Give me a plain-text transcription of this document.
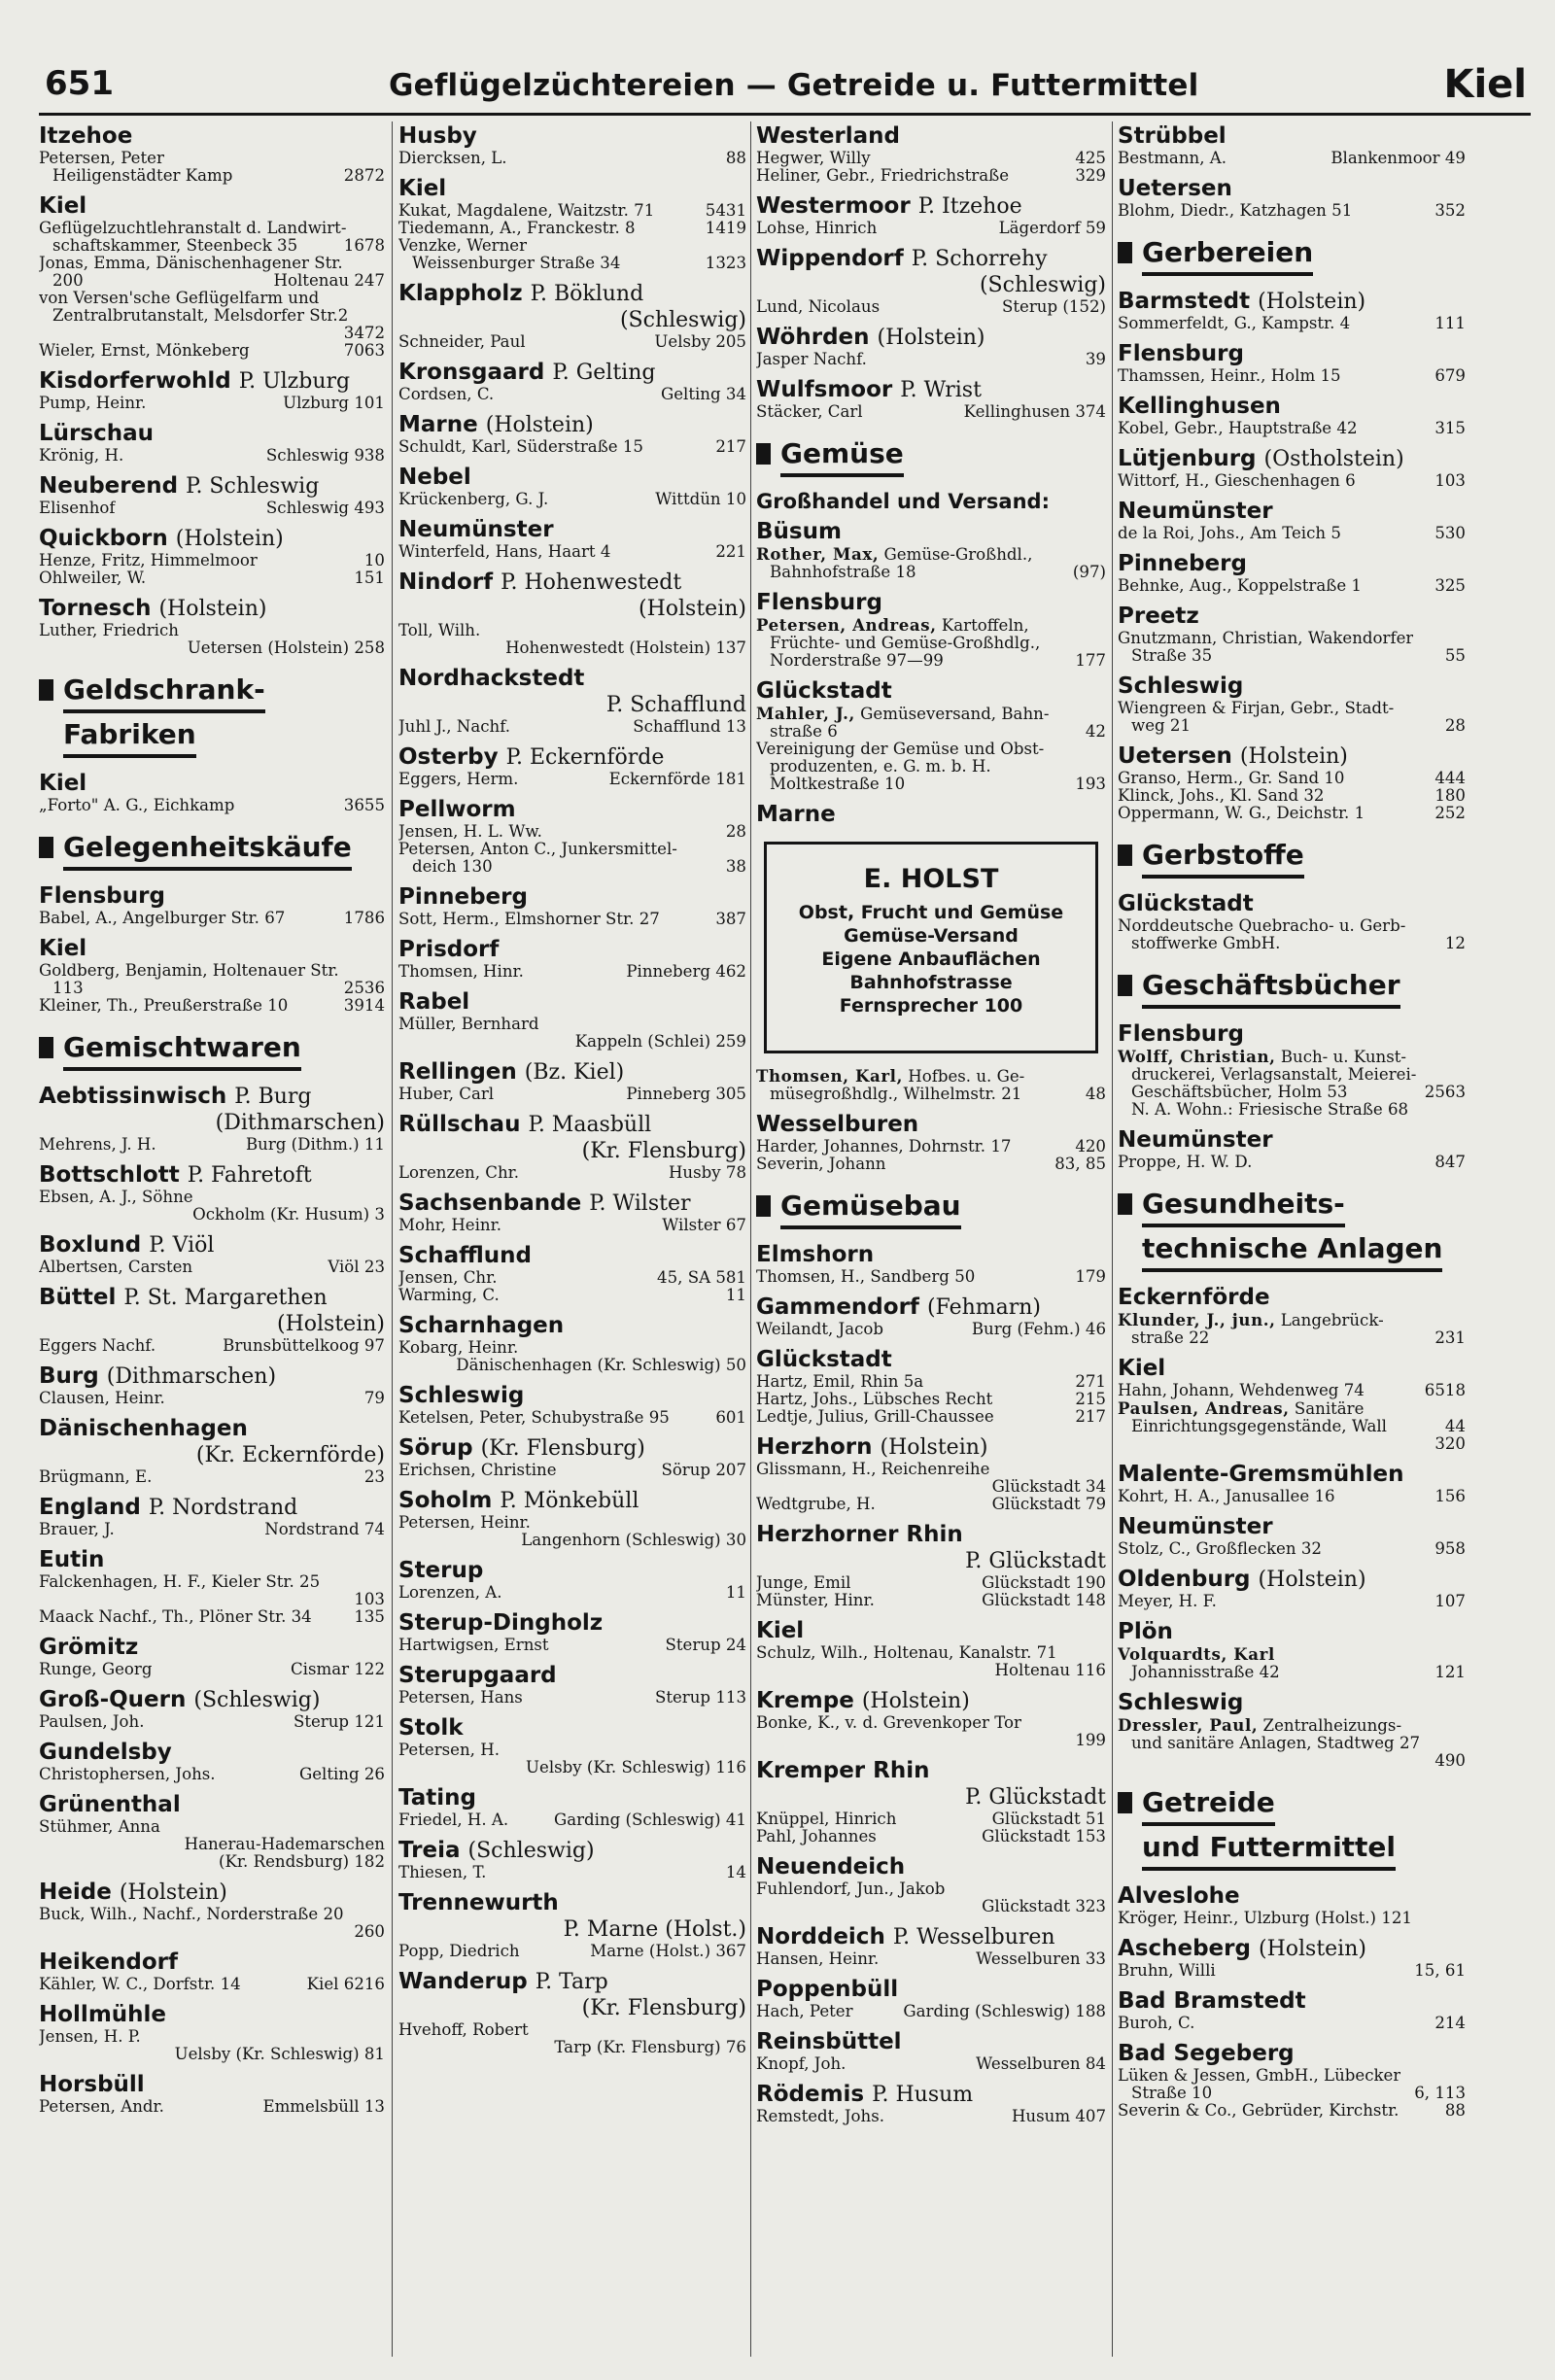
651	Geflügelzüchtereien — Getreide u. Futtermittel	Kiel
Itzehoe
Petersen, Peter
Heiligenstädter Kamp	2872
Kiel
Geflügelzuchtlehranstalt d. Landwirt-
schaftskammer, Steenbeck 35	1678
Jonas, Emma, Dänischenhagener Str.
200	Holtenau 247
von Versen'sche Geflügelfarm und
Zentralbrutanstalt, Melsdorfer Str.2
3472
Wieler, Ernst, Mönkeberg	7063
Kisdorferwohld P. Ulzburg
Pump, Heinr.	Ulzburg 101
Lürschau
Krönig, H.	Schleswig 938
Neuberend P. Schleswig
Elisenhof	Schleswig 493
Quickborn (Holstein)
Henze, Fritz, Himmelmoor	10
Ohlweiler, W.	151
Tornesch (Holstein)
Luther, Friedrich
Uetersen (Holstein) 258
Geldschrank-
Fabriken
Kiel
„Forto" A. G., Eichkamp	3655
Gelegenheitskäufe
Flensburg
Babel, A., Angelburger Str. 67	1786
Kiel
Goldberg, Benjamin, Holtenauer Str.
113	2536
Kleiner, Th., Preußerstraße 10	3914
Gemischtwaren
Aebtissinwisch P. Burg
(Dithmarschen)
Mehrens, J. H.	Burg (Dithm.) 11
Bottschlott P. Fahretoft
Ebsen, A. J., Söhne
Ockholm (Kr. Husum) 3
Boxlund P. Viöl
Albertsen, Carsten	Viöl 23
Büttel P. St. Margarethen
(Holstein)
Eggers Nachf.	Brunsbüttelkoog 97
Burg (Dithmarschen)
Clausen, Heinr.	79
Dänischenhagen
(Kr. Eckernförde)
Brügmann, E.	23
England P. Nordstrand
Brauer, J.	Nordstrand 74
Eutin
Falckenhagen, H. F., Kieler Str. 25
103
Maack Nachf., Th., Plöner Str. 34	135
Grömitz
Runge, Georg	Cismar 122
Groß-Quern (Schleswig)
Paulsen, Joh.	Sterup 121
Gundelsby
Christophersen, Johs.	Gelting 26
Grünenthal
Stühmer, Anna
Hanerau-Hademarschen
(Kr. Rendsburg) 182
Heide (Holstein)
Buck, Wilh., Nachf., Norderstraße 20
260
Heikendorf
Kähler, W. C., Dorfstr. 14	Kiel 6216
Hollmühle
Jensen, H. P.
Uelsby (Kr. Schleswig) 81
Horsbüll
Petersen, Andr.	Emmelsbüll 13
Husby
Diercksen, L.	88
Kiel
Kukat, Magdalene, Waitzstr. 71	5431
Tiedemann, A., Franckestr. 8	1419
Venzke, Werner
Weissenburger Straße 34	1323
Klappholz P. Böklund
(Schleswig)
Schneider, Paul	Uelsby 205
Kronsgaard P. Gelting
Cordsen, C.	Gelting 34
Marne (Holstein)
Schuldt, Karl, Süderstraße 15	217
Nebel
Krückenberg, G. J.	Wittdün 10
Neumünster
Winterfeld, Hans, Haart 4	221
Nindorf P. Hohenwestedt
(Holstein)
Toll, Wilh.
Hohenwestedt (Holstein) 137
Nordhackstedt
P. Schafflund
Juhl J., Nachf.	Schafflund 13
Osterby P. Eckernförde
Eggers, Herm.	Eckernförde 181
Pellworm
Jensen, H. L. Ww.	28
Petersen, Anton C., Junkersmittel-
deich 130	38
Pinneberg
Sott, Herm., Elmshorner Str. 27	387
Prisdorf
Thomsen, Hinr.	Pinneberg 462
Rabel
Müller, Bernhard
Kappeln (Schlei) 259
Rellingen (Bz. Kiel)
Huber, Carl	Pinneberg 305
Rüllschau P. Maasbüll
(Kr. Flensburg)
Lorenzen, Chr.	Husby 78
Sachsenbande P. Wilster
Mohr, Heinr.	Wilster 67
Schafflund
Jensen, Chr.	45, SA 581
Warming, C.	11
Scharnhagen
Kobarg, Heinr.
Dänischenhagen (Kr. Schleswig) 50
Schleswig
Ketelsen, Peter, Schubystraße 95	601
Sörup (Kr. Flensburg)
Erichsen, Christine	Sörup 207
Soholm P. Mönkebüll
Petersen, Heinr.
Langenhorn (Schleswig) 30
Sterup
Lorenzen, A.	11
Sterup-Dingholz
Hartwigsen, Ernst	Sterup 24
Sterupgaard
Petersen, Hans	Sterup 113
Stolk
Petersen, H.
Uelsby (Kr. Schleswig) 116
Tating
Friedel, H. A.	Garding (Schleswig) 41
Treia (Schleswig)
Thiesen, T.	14
Trennewurth
P. Marne (Holst.)
Popp, Diedrich	Marne (Holst.) 367
Wanderup P. Tarp
(Kr. Flensburg)
Hvehoff, Robert
Tarp (Kr. Flensburg) 76
Westerland
Hegwer, Willy	425
Heliner, Gebr., Friedrichstraße	329
Westermoor P. Itzehoe
Lohse, Hinrich	Lägerdorf 59
Wippendorf P. Schorrehy
(Schleswig)
Lund, Nicolaus	Sterup (152)
Wöhrden (Holstein)
Jasper Nachf.	39
Wulfsmoor P. Wrist
Stäcker, Carl	Kellinghusen 374
Gemüse
Großhandel und Versand:
Büsum
Rother, Max, Gemüse-Großhdl.,
Bahnhofstraße 18	(97)
Flensburg
Petersen, Andreas, Kartoffeln,
Früchte- und Gemüse-Großhdlg.,
Norderstraße 97—99	177
Glückstadt
Mahler, J., Gemüseversand, Bahn-
straße 6	42
Vereinigung der Gemüse und Obst-
produzenten, e. G. m. b. H.
Moltkestraße 10	193
Marne
E. HOLST
Obst, Frucht und Gemüse
Gemüse-Versand
Eigene Anbauflächen
Bahnhofstrasse
Fernsprecher 100
Thomsen, Karl, Hofbes. u. Ge-
müsegroßhdlg., Wilhelmstr. 21	48
Wesselburen
Harder, Johannes, Dohrnstr. 17	420
Severin, Johann	83, 85
Gemüsebau
Elmshorn
Thomsen, H., Sandberg 50	179
Gammendorf (Fehmarn)
Weilandt, Jacob	Burg (Fehm.) 46
Glückstadt
Hartz, Emil, Rhin 5a	271
Hartz, Johs., Lübsches Recht	215
Ledtje, Julius, Grill-Chaussee	217
Herzhorn (Holstein)
Glissmann, H., Reichenreihe
Glückstadt 34
Wedtgrube, H.	Glückstadt 79
Herzhorner Rhin
P. Glückstadt
Junge, Emil	Glückstadt 190
Münster, Hinr.	Glückstadt 148
Kiel
Schulz, Wilh., Holtenau, Kanalstr. 71
Holtenau 116
Krempe (Holstein)
Bonke, K., v. d. Grevenkoper Tor
199
Kremper Rhin
P. Glückstadt
Knüppel, Hinrich	Glückstadt 51
Pahl, Johannes	Glückstadt 153
Neuendeich
Fuhlendorf, Jun., Jakob
Glückstadt 323
Norddeich P. Wesselburen
Hansen, Heinr.	Wesselburen 33
Poppenbüll
Hach, Peter	Garding (Schleswig) 188
Reinsbüttel
Knopf, Joh.	Wesselburen 84
Rödemis P. Husum
Remstedt, Johs.	Husum 407
Strübbel
Bestmann, A.	Blankenmoor 49
Uetersen
Blohm, Diedr., Katzhagen 51	352
Gerbereien
Barmstedt (Holstein)
Sommerfeldt, G., Kampstr. 4	111
Flensburg
Thamssen, Heinr., Holm 15	679
Kellinghusen
Kobel, Gebr., Hauptstraße 42	315
Lütjenburg (Ostholstein)
Wittorf, H., Gieschenhagen 6	103
Neumünster
de la Roi, Johs., Am Teich 5	530
Pinneberg
Behnke, Aug., Koppelstraße 1	325
Preetz
Gnutzmann, Christian, Wakendorfer
Straße 35	55
Schleswig
Wiengreen & Firjan, Gebr., Stadt-
weg 21	28
Uetersen (Holstein)
Granso, Herm., Gr. Sand 10	444
Klinck, Johs., Kl. Sand 32	180
Oppermann, W. G., Deichstr. 1	252
Gerbstoffe
Glückstadt
Norddeutsche Quebracho- u. Gerb-
stoffwerke GmbH.	12
Geschäftsbücher
Flensburg
Wolff, Christian, Buch- u. Kunst-
druckerei, Verlagsanstalt, Meierei-
Geschäftsbücher, Holm 53	2563
N. A. Wohn.: Friesische Straße 68
Neumünster
Proppe, H. W. D.	847
Gesundheits-
technische Anlagen
Eckernförde
Klunder, J., jun., Langebrück-
straße 22	231
Kiel
Hahn, Johann, Wehdenweg 74	6518
Paulsen, Andreas, Sanitäre
Einrichtungsgegenstände, Wall	44
320
Malente-Gremsmühlen
Kohrt, H. A., Janusallee 16	156
Neumünster
Stolz, C., Großflecken 32	958
Oldenburg (Holstein)
Meyer, H. F.	107
Plön
Volquardts, Karl
Johannisstraße 42	121
Schleswig
Dressler, Paul, Zentralheizungs-
und sanitäre Anlagen, Stadtweg 27
490
Getreide
und Futtermittel
Alveslohe
Kröger, Heinr., Ulzburg (Holst.) 121
Ascheberg (Holstein)
Bruhn, Willi	15, 61
Bad Bramstedt
Buroh, C.	214
Bad Segeberg
Lüken & Jessen, GmbH., Lübecker
Straße 10	6, 113
Severin & Co., Gebrüder, Kirchstr.	88
